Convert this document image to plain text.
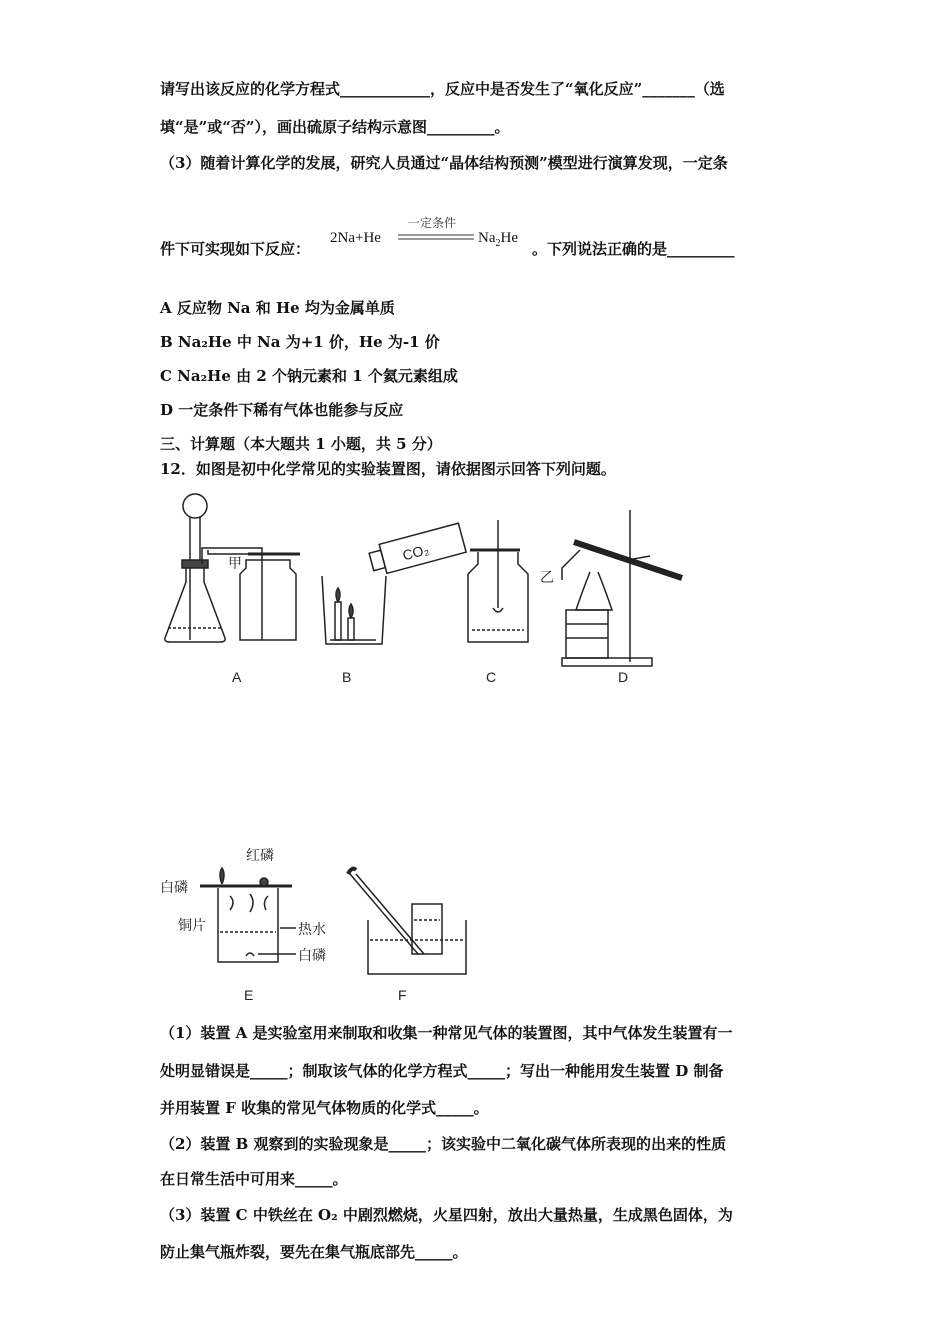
请写出该反应的化学方程式____________，反应中是否发生了“氧化反应”_______（选
填“是”或“否”），画出硫原子结构示意图_________。
（3）随着计算化学的发展，研究人员通过“晶体结构预测”模型进行演算发现，一定条
件下可实现如下反应：
2Na+He
一定条件
$Na_2He$
。下列说法正确的是_________
A 反应物 Na 和 He 均为金属单质
B Na₂He 中 Na 为+1 价，He 为-1 价
C Na₂He 由 2 个钠元素和 1 个氦元素组成
D 一定条件下稀有气体也能参与反应
三、计算题（本大题共 1 小题，共 5 分）
12．如图是初中化学常见的实验装置图，请依据图示回答下列问题。
甲
A	B
CO₂
C
乙
D
红磷
白磷
铜片	热水
白磷
E	F
（1）装置 A 是实验室用来制取和收集一种常见气体的装置图，其中气体发生装置有一
处明显错误是_____；制取该气体的化学方程式_____；写出一种能用发生装置 D 制备
并用装置 F 收集的常见气体物质的化学式_____。
（2）装置 B 观察到的实验现象是_____；该实验中二氧化碳气体所表现的出来的性质
在日常生活中可用来_____。
（3）装置 C 中铁丝在 O₂ 中剧烈燃烧，火星四射，放出大量热量，生成黑色固体，为
防止集气瓶炸裂，要先在集气瓶底部先_____。
